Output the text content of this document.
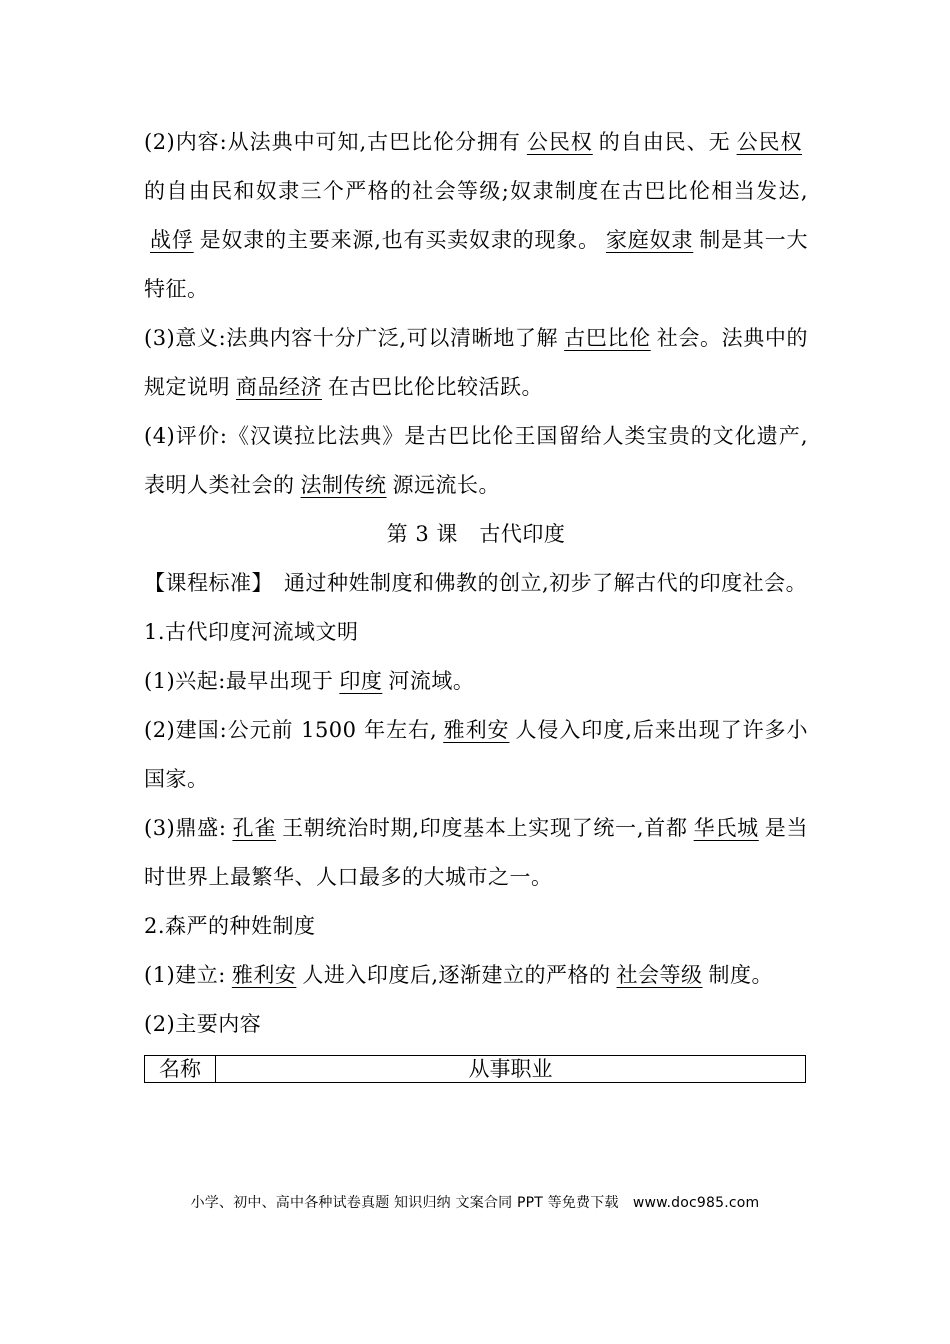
(2)内容:从法典中可知,古巴比伦分拥有 公民权 的自由民、无 公民权的自由民和奴隶三个严格的社会等级;奴隶制度在古巴比伦相当发达,战俘 是奴隶的主要来源,也有买卖奴隶的现象。 家庭奴隶 制是其一大特征。

(3)意义:法典内容十分广泛,可以清晰地了解 古巴比伦 社会。法典中的规定说明 商品经济 在古巴比伦比较活跃。

(4)评价:《汉谟拉比法典》是古巴比伦王国留给人类宝贵的文化遗产,表明人类社会的 法制传统 源远流长。

第 3 课　古代印度

【课程标准】　通过种姓制度和佛教的创立,初步了解古代的印度社会。

1.古代印度河流域文明

(1)兴起:最早出现于 印度 河流域。

(2)建国:公元前 1500 年左右, 雅利安 人侵入印度,后来出现了许多小国家。

(3)鼎盛: 孔雀 王朝统治时期,印度基本上实现了统一,首都 华氏城 是当时世界上最繁华、人口最多的大城市之一。

2.森严的种姓制度

(1)建立: 雅利安 人进入印度后,逐渐建立的严格的 社会等级 制度。

(2)主要内容

名称	从事职业
小学、初中、高中各种试卷真题 知识归纳 文案合同 PPT 等免费下载　www.doc985.com
